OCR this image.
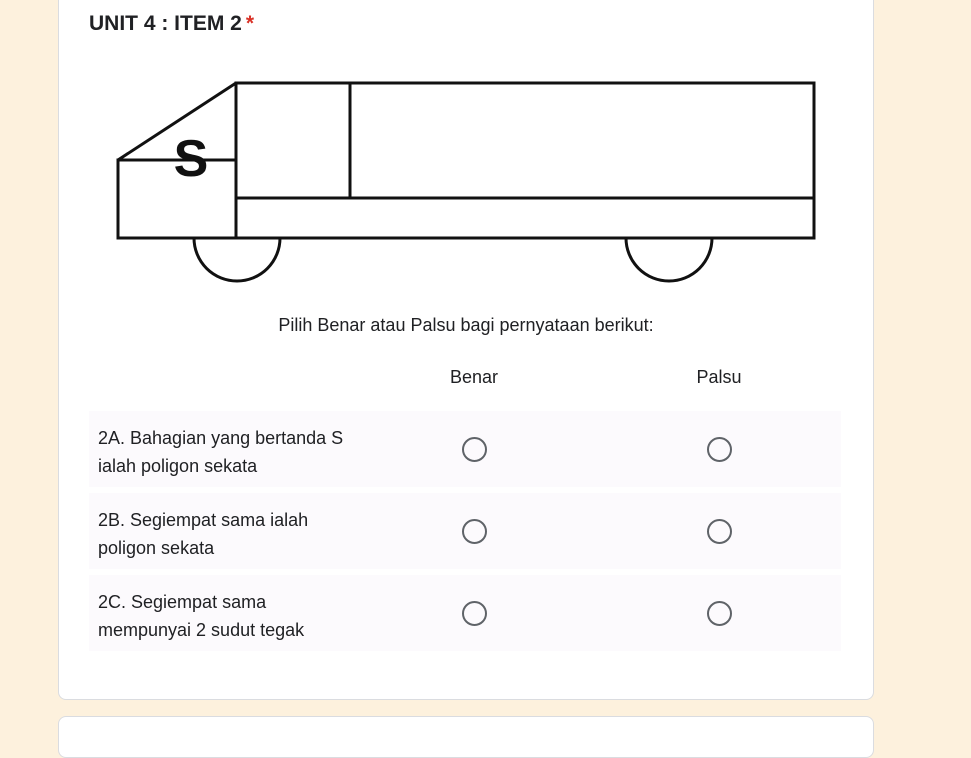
UNIT 4 : ITEM 2 *
S
Pilih Benar atau Palsu bagi pernyataan berikut:
Benar	Palsu
2A. Bahagian yang bertanda S ialah poligon sekata
2B. Segiempat sama ialah poligon sekata
2C. Segiempat sama mempunyai 2 sudut tegak
